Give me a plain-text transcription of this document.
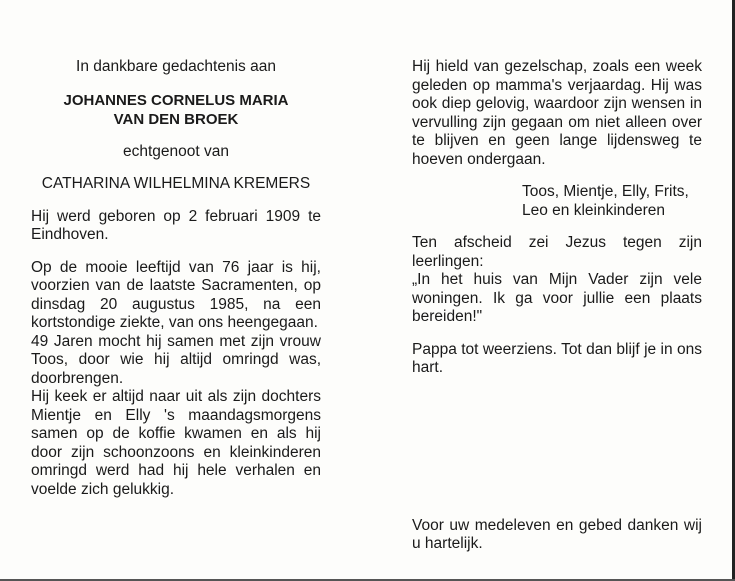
In dankbare gedachtenis aan

JOHANNES CORNELUS MARIA

VAN DEN BROEK

echtgenoot van

CATHARINA WILHELMINA KREMERS

Hij werd geboren op 2 februari 1909 te Eindhoven.

Op de mooie leeftijd van 76 jaar is hij, voorzien van de laatste Sacramenten, op dinsdag 20 augustus 1985, na een kortstondige ziekte, van ons heengegaan.

49 Jaren mocht hij samen met zijn vrouw Toos, door wie hij altijd omringd was, doorbrengen.

Hij keek er altijd naar uit als zijn dochters Mientje en Elly 's maandagsmorgens samen op de koffie kwamen en als hij door zijn schoonzoons en kleinkinderen omringd werd had hij hele verhalen en voelde zich gelukkig.

Hij hield van gezelschap, zoals een week geleden op mamma's verjaardag. Hij was ook diep gelovig, waardoor zijn wensen in vervulling zijn gegaan om niet alleen over te blijven en geen lange lijdensweg te hoeven ondergaan.

Toos, Mientje, Elly, Frits,

Leo en kleinkinderen

Ten afscheid zei Jezus tegen zijn leerlingen:

„In het huis van Mijn Vader zijn vele woningen. Ik ga voor jullie een plaats bereiden!"

Pappa tot weerziens. Tot dan blijf je in ons hart.

Voor uw medeleven en gebed danken wij u hartelijk.
